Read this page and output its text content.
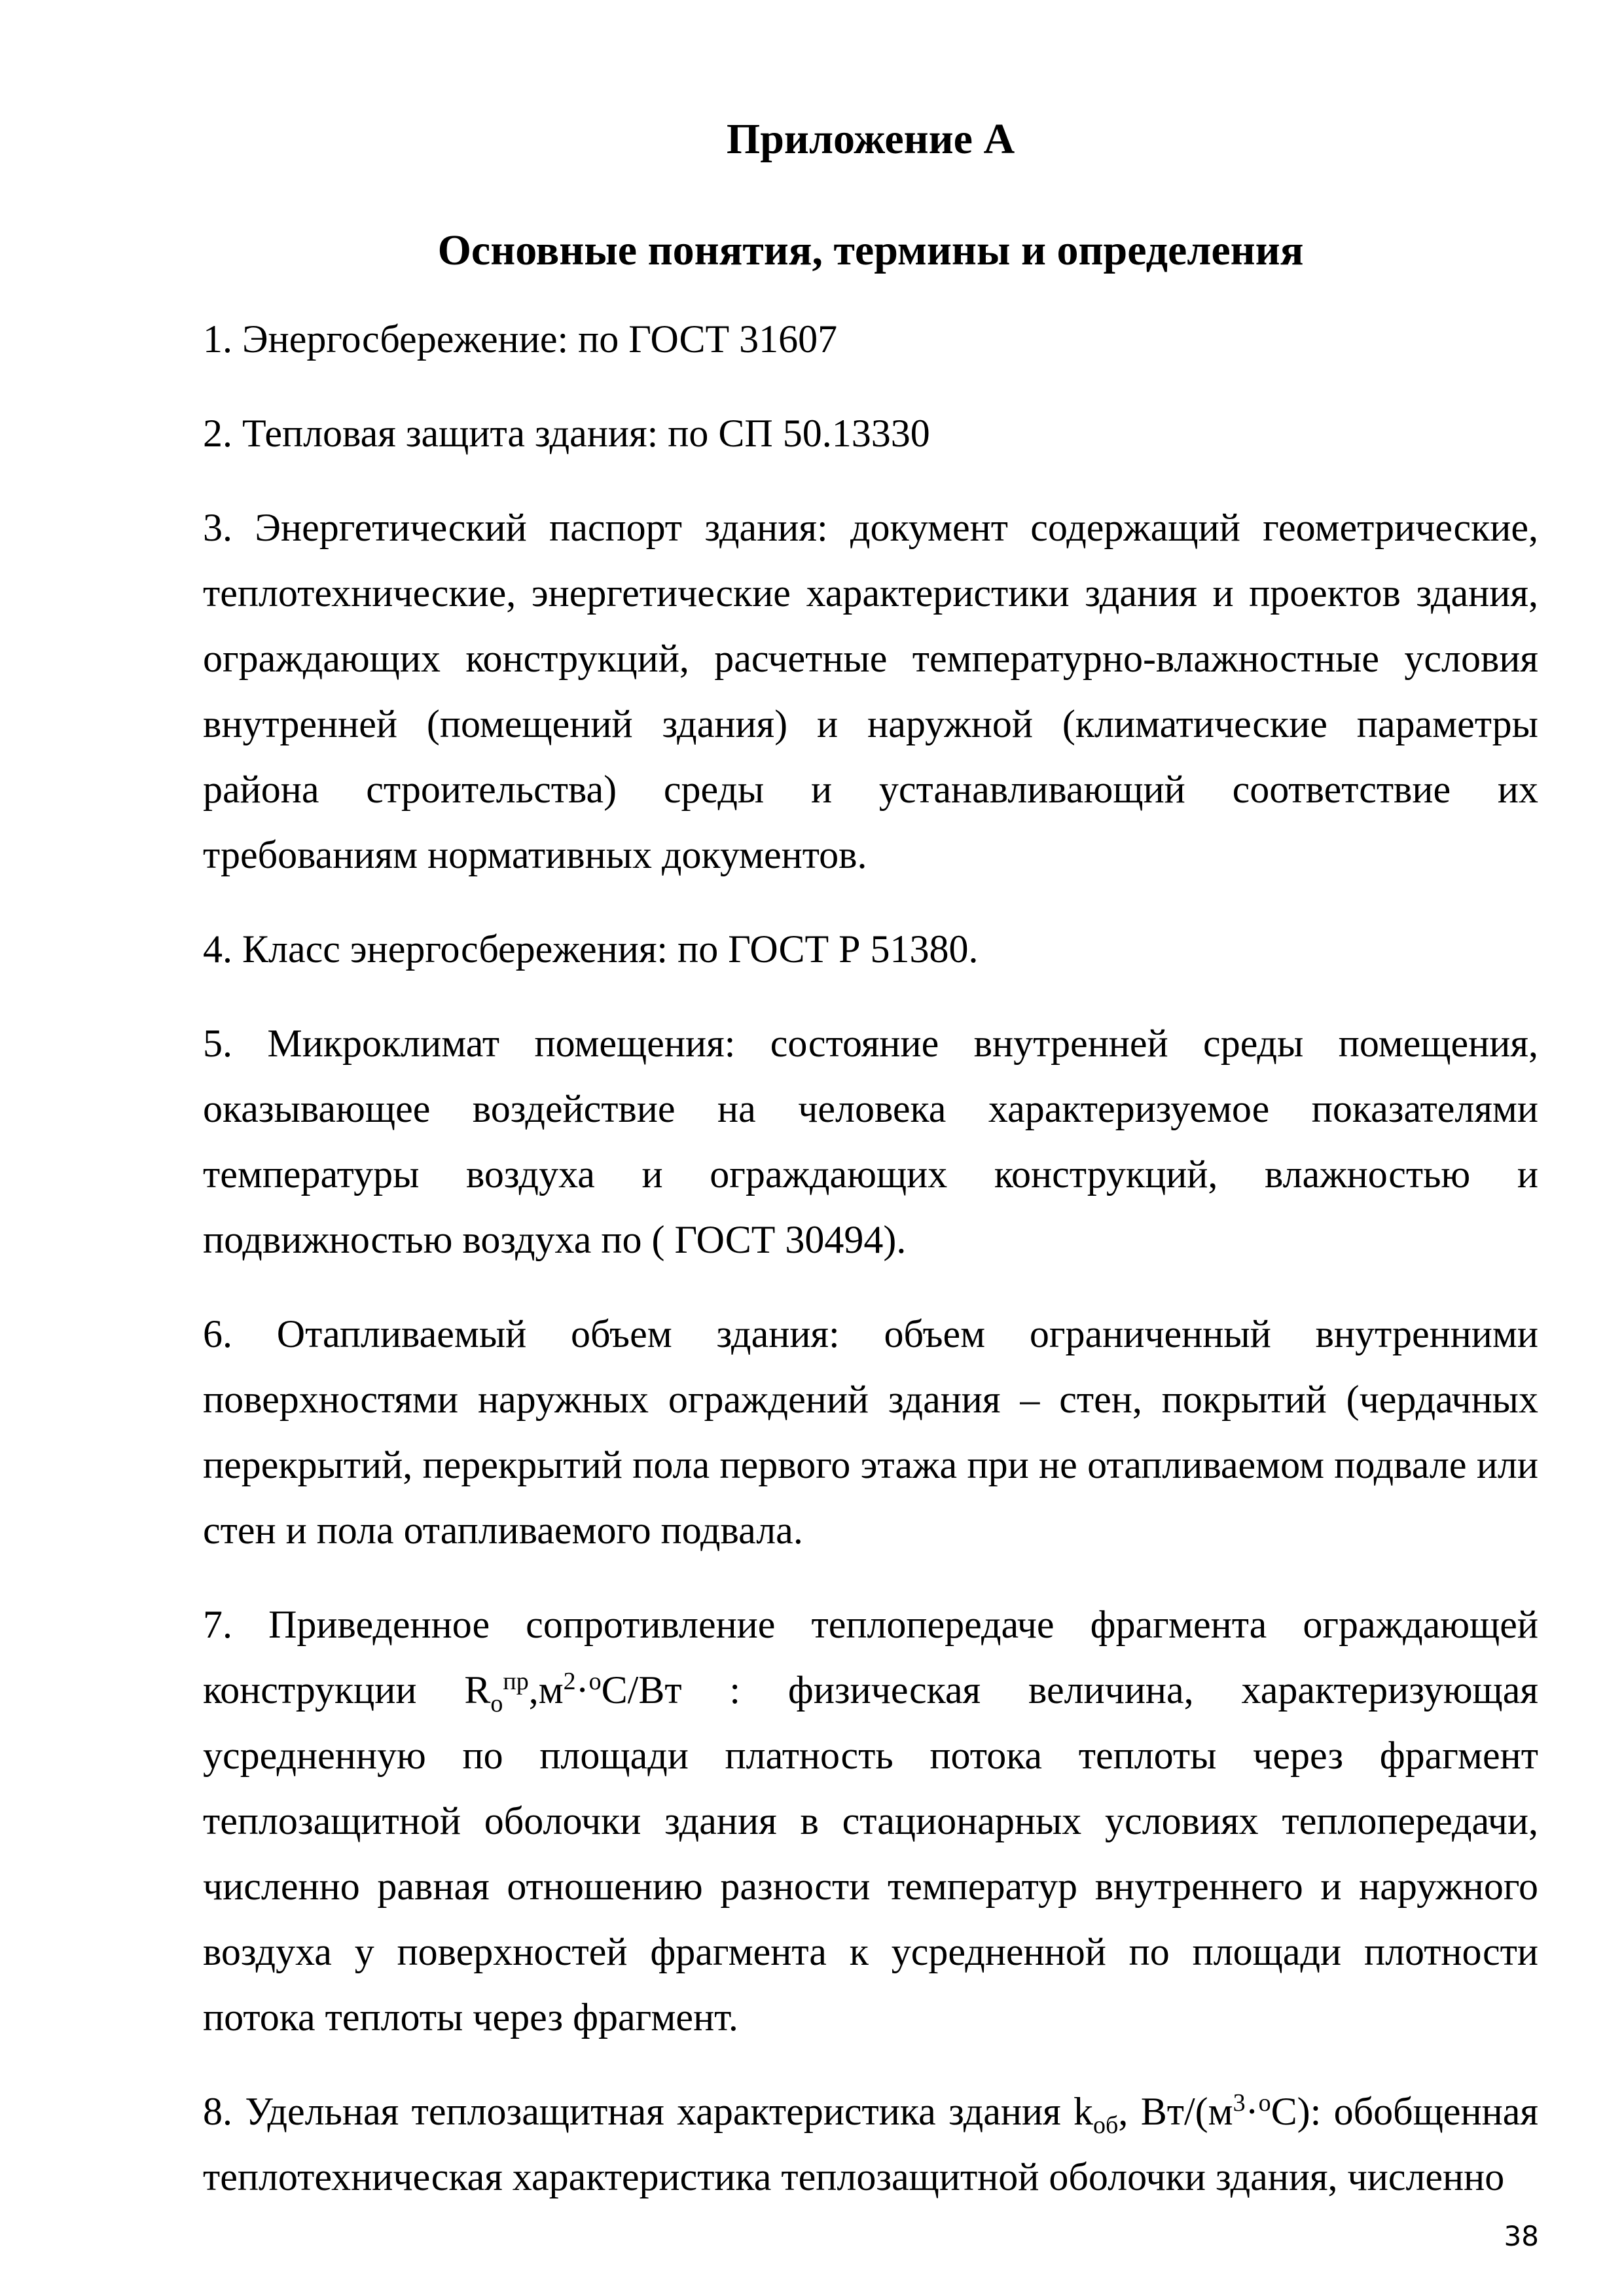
Приложение А
Основные понятия, термины и определения

1. Энергосбережение: по ГОСТ 31607

2. Тепловая защита здания: по СП 50.13330

3. Энергетический паспорт здания: документ содержащий геометрические, теплотехнические, энергетические характеристики здания и проектов здания, ограждающих конструкций, расчетные температурно-влажностные условия внутренней (помещений здания) и наружной (климатические параметры района строительства) среды и устанавливающий соответствие их требованиям нормативных документов.

4. Класс энергосбережения: по ГОСТ Р 51380.

5. Микроклимат помещения: состояние внутренней среды помещения, оказывающее воздействие на человека характеризуемое показателями температуры воздуха и ограждающих конструкций, влажностью и подвижностью воздуха по ( ГОСТ 30494).

6. Отапливаемый объем здания: объем ограниченный внутренними поверхностями наружных ограждений здания – стен, покрытий (чердачных перекрытий, перекрытий пола первого этажа при не отапливаемом подвале или стен и пола отапливаемого подвала.

7. Приведенное сопротивление теплопередаче фрагмента ограждающей конструкции $R_о^{пр},м^2\cdot^оС/Вт$ : физическая величина, характеризующая усредненную по площади платность потока теплоты через фрагмент теплозащитной оболочки здания в стационарных условиях теплопередачи, численно равная отношению разности температур внутреннего и наружного воздуха у поверхностей фрагмента к усредненной по площади плотности потока теплоты через фрагмент.

8. Удельная теплозащитная характеристика здания $k_{об}$, $Вт/(м^3\cdot^оС)$: обобщенная теплотехническая характеристика теплозащитной оболочки здания, численно

38
